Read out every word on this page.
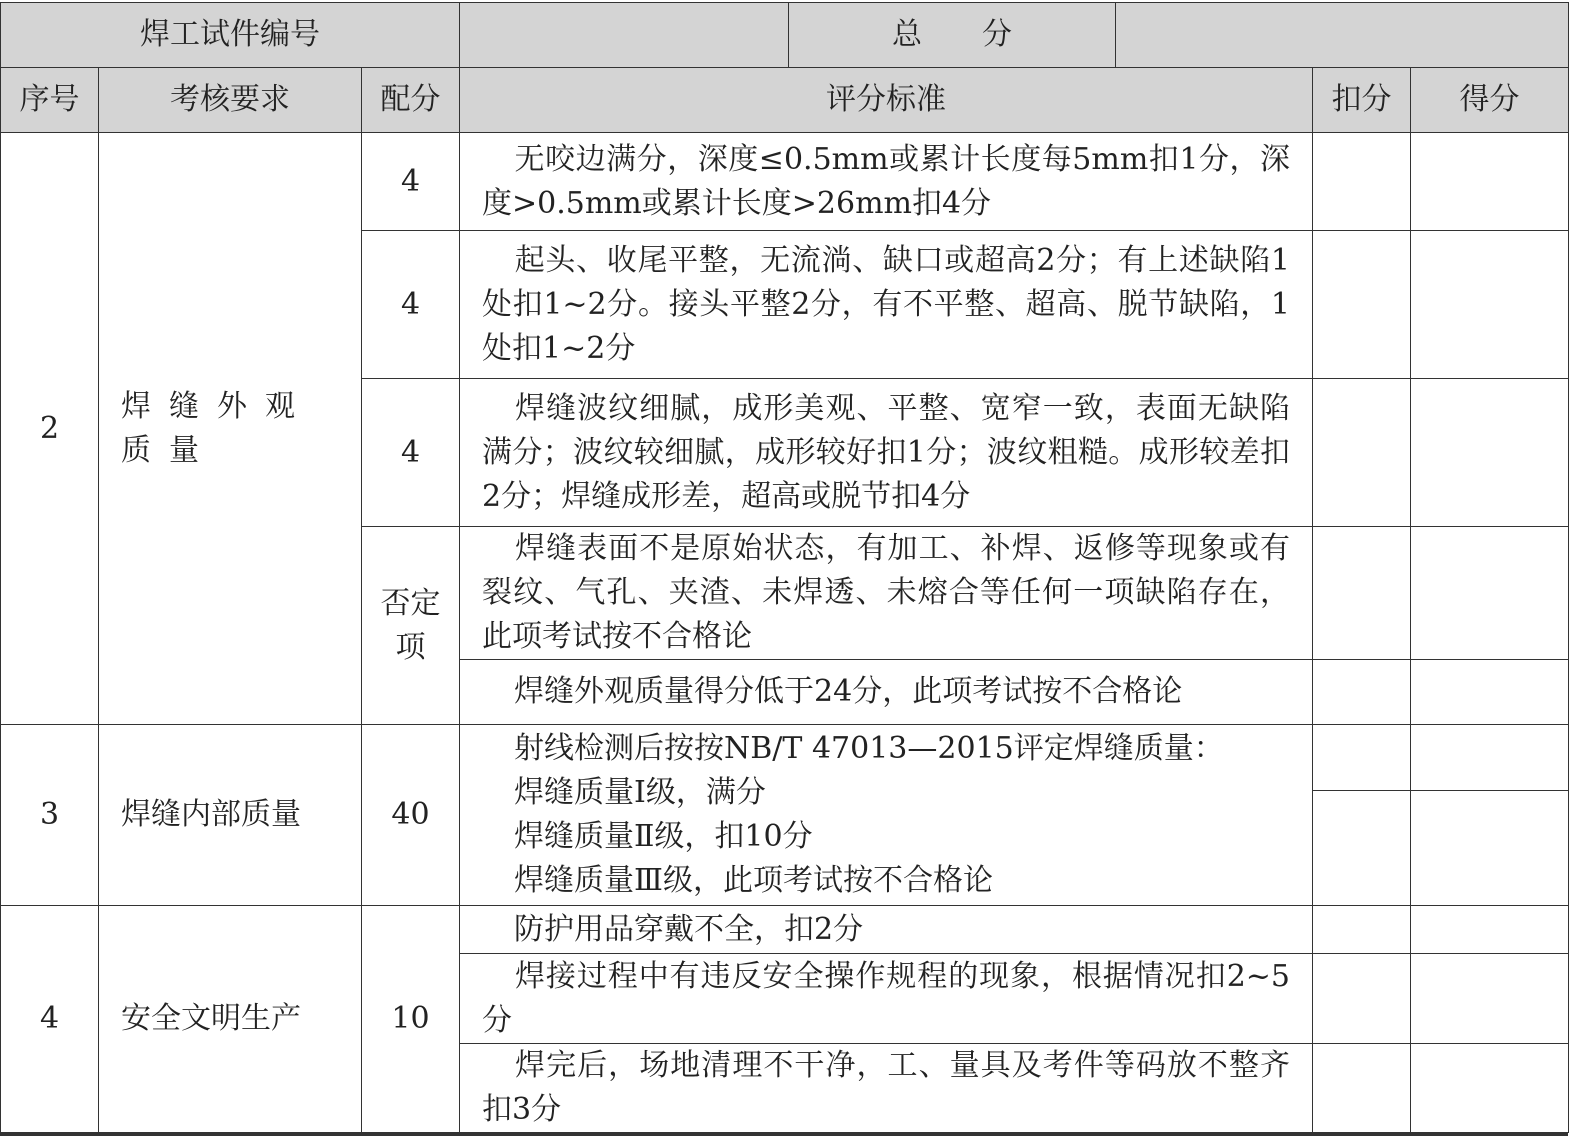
焊工试件编号				总　　分			
序号	考核要求	配分	评分标准			扣分	得分
2	焊缝外观质量	4	无咬边满分，深度≤0.5mm或累计长度每5mm扣1分，深度>0.5mm或累计长度>26mm扣4分				
		4	起头、收尾平整，无流淌、缺口或超高2分；有上述缺陷1处扣1~2分。接头平整2分，有不平整、超高、脱节缺陷，1处扣1~2分				
		4	焊缝波纹细腻，成形美观、平整、宽窄一致，表面无缺陷满分；波纹较细腻，成形较好扣1分；波纹粗糙。成形较差扣2分；焊缝成形差，超高或脱节扣4分				
		否定项	焊缝表面不是原始状态，有加工、补焊、返修等现象或有裂纹、气孔、夹渣、未焊透、未熔合等任何一项缺陷存在，此项考试按不合格论				
			焊缝外观质量得分低于24分，此项考试按不合格论				
3	焊缝内部质量	40	射线检测后按按NB/T 47013—2015评定焊缝质量：
焊缝质量Ⅰ级，满分
焊缝质量Ⅱ级，扣10分
焊缝质量Ⅲ级，此项考试按不合格论				

4	安全文明生产	10	防护用品穿戴不全，扣2分				
			焊接过程中有违反安全操作规程的现象，根据情况扣2~5分				
			焊完后，场地清理不干净，工、量具及考件等码放不整齐扣3分				
